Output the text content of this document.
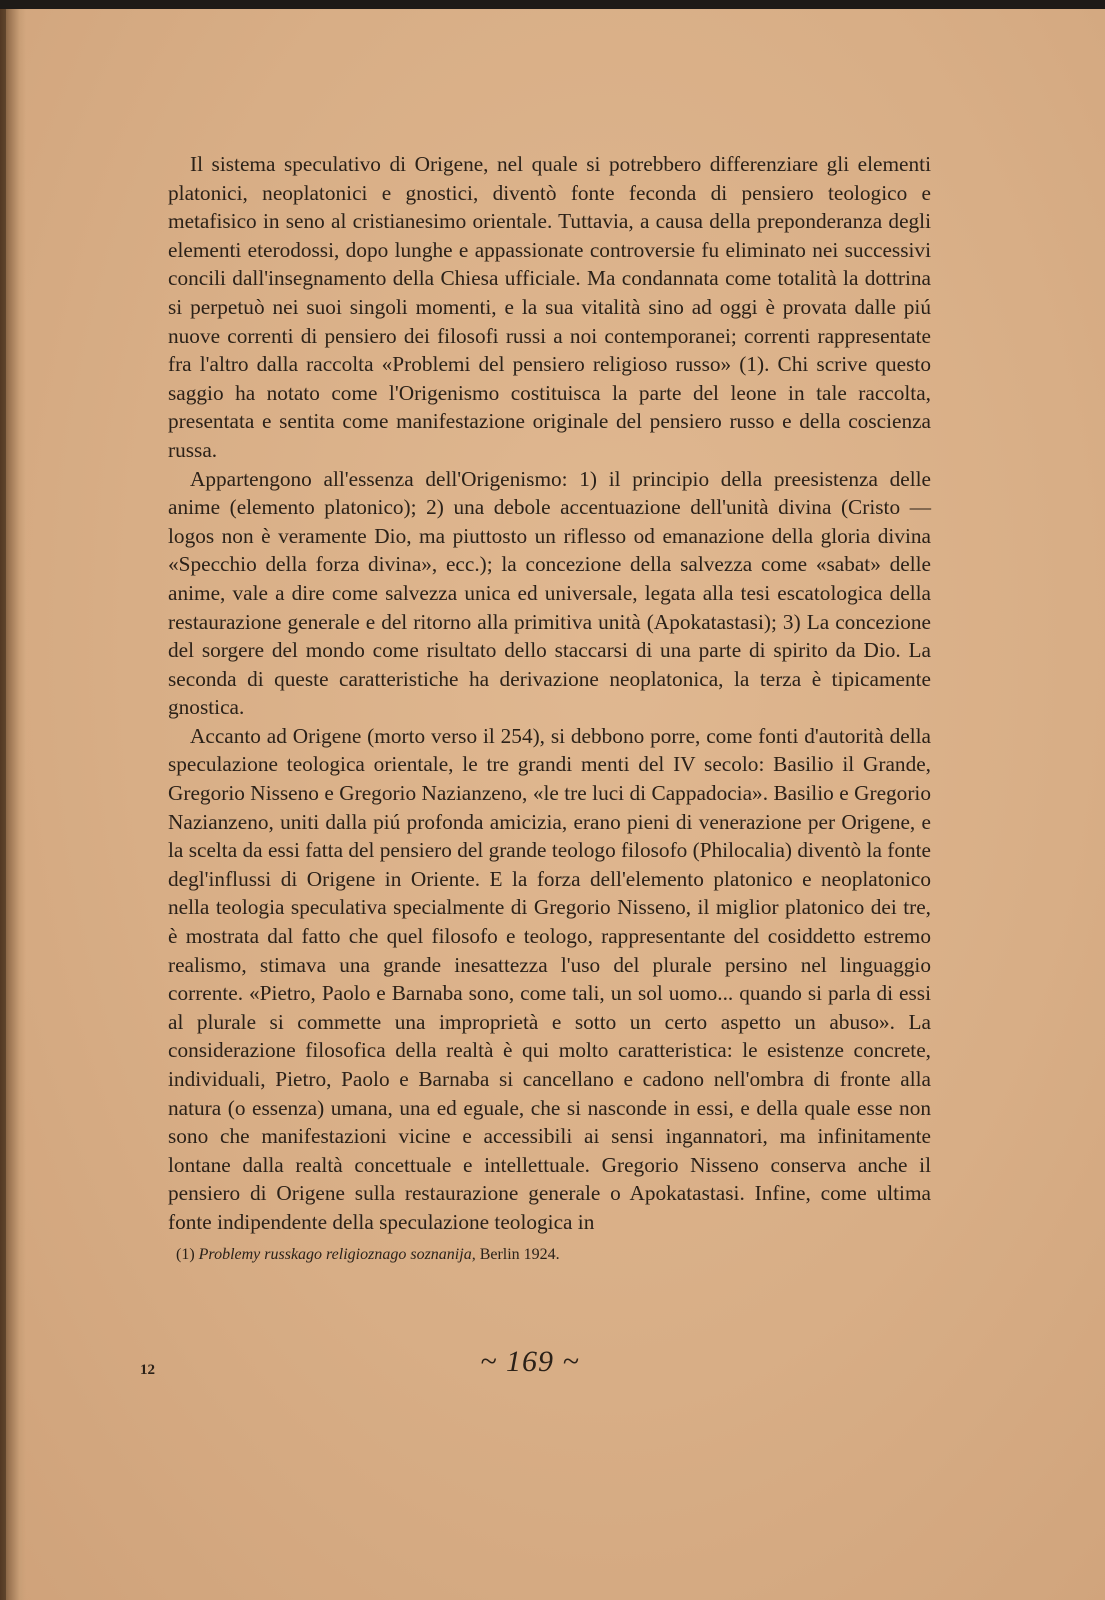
Il sistema speculativo di Origene, nel quale si potrebbero differenziare gli elementi platonici, neoplatonici e gnostici, diventò fonte feconda di pensiero teologico e metafisico in seno al cristianesimo orientale. Tuttavia, a causa della preponderanza degli elementi eterodossi, dopo lunghe e appassionate controversie fu eliminato nei successivi concili dall'insegnamento della Chiesa ufficiale. Ma condannata come totalità la dottrina si perpetuò nei suoi singoli momenti, e la sua vitalità sino ad oggi è provata dalle piú nuove correnti di pensiero dei filosofi russi a noi contemporanei; correnti rappresentate fra l'altro dalla raccolta «Problemi del pensiero religioso russo» (1). Chi scrive questo saggio ha notato come l'Origenismo costituisca la parte del leone in tale raccolta, presentata e sentita come manifestazione originale del pensiero russo e della coscienza russa.

Appartengono all'essenza dell'Origenismo: 1) il principio della preesistenza delle anime (elemento platonico); 2) una debole accentuazione dell'unità divina (Cristo — logos non è veramente Dio, ma piuttosto un riflesso od emanazione della gloria divina «Specchio della forza divina», ecc.); la concezione della salvezza come «sabat» delle anime, vale a dire come salvezza unica ed universale, legata alla tesi escatologica della restaurazione generale e del ritorno alla primitiva unità (Apokatastasi); 3) La concezione del sorgere del mondo come risultato dello staccarsi di una parte di spirito da Dio. La seconda di queste caratteristiche ha derivazione neoplatonica, la terza è tipicamente gnostica.

Accanto ad Origene (morto verso il 254), si debbono porre, come fonti d'autorità della speculazione teologica orientale, le tre grandi menti del IV secolo: Basilio il Grande, Gregorio Nisseno e Gregorio Nazianzeno, «le tre luci di Cappadocia». Basilio e Gregorio Nazianzeno, uniti dalla piú profonda amicizia, erano pieni di venerazione per Origene, e la scelta da essi fatta del pensiero del grande teologo filosofo (Philocalia) diventò la fonte degl'influssi di Origene in Oriente. E la forza dell'elemento platonico e neoplatonico nella teologia speculativa specialmente di Gregorio Nisseno, il miglior platonico dei tre, è mostrata dal fatto che quel filosofo e teologo, rappresentante del cosiddetto estremo realismo, stimava una grande inesattezza l'uso del plurale persino nel linguaggio corrente. «Pietro, Paolo e Barnaba sono, come tali, un sol uomo... quando si parla di essi al plurale si commette una improprietà e sotto un certo aspetto un abuso». La considerazione filosofica della realtà è qui molto caratteristica: le esistenze concrete, individuali, Pietro, Paolo e Barnaba si cancellano e cadono nell'ombra di fronte alla natura (o essenza) umana, una ed eguale, che si nasconde in essi, e della quale esse non sono che manifestazioni vicine e accessibili ai sensi ingannatori, ma infinitamente lontane dalla realtà concettuale e intellettuale. Gregorio Nisseno conserva anche il pensiero di Origene sulla restaurazione generale o Apokatastasi. Infine, come ultima fonte indipendente della speculazione teologica in

(1) Problemy russkago religioznago soznanija, Berlin 1924.
12	~ 169 ~
